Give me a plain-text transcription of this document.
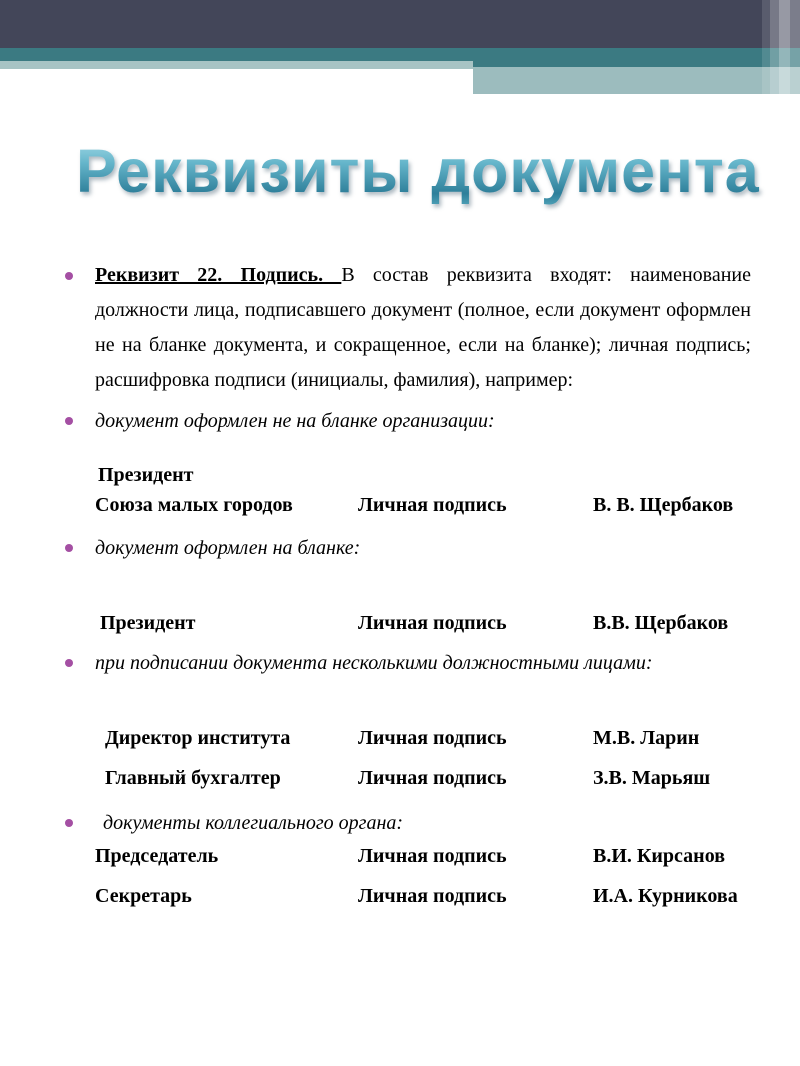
Реквизиты документа
Реквизит 22. Подпись. В состав реквизита входят: наименование должности лица, подписавшего документ (полное, если документ оформлен не на бланке документа, и сокращенное, если на бланке); личная подпись; расшифровка подписи (инициалы, фамилия), например:
документ оформлен не на бланке организации:
Президент
Союза малых городов	Личная подпись	В. В. Щербаков
документ оформлен на бланке:
Президент	Личная подпись	В.В. Щербаков
при подписании документа несколькими должностными лицами:
Директор института	Личная подпись	М.В. Ларин
Главный бухгалтер	Личная подпись	З.В. Марьяш
документы коллегиального органа:
Председатель	Личная подпись	В.И. Кирсанов
Секретарь	Личная подпись	И.А. Курникова
